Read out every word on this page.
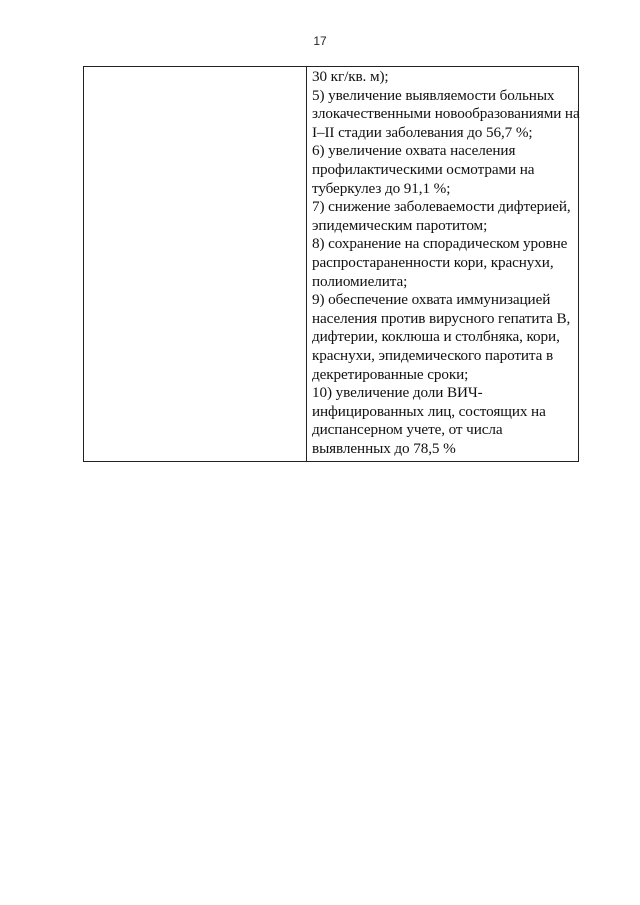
17

30 кг/кв. м);
5) увеличение выявляемости больных
злокачественными новообразованиями на
I–II стадии заболевания до 56,7 %;
6) увеличение охвата населения
профилактическими осмотрами на
туберкулез до 91,1 %;
7) снижение заболеваемости дифтерией,
эпидемическим паротитом;
8) сохранение на спорадическом уровне
распростараненности кори, краснухи,
полиомиелита;
9) обеспечение охвата иммунизацией
населения против вирусного гепатита В,
дифтерии, коклюша и столбняка, кори,
краснухи, эпидемического паротита в
декретированные сроки;
10) увеличение доли ВИЧ-
инфицированных лиц, состоящих на
диспансерном учете, от числа
выявленных до 78,5 %
